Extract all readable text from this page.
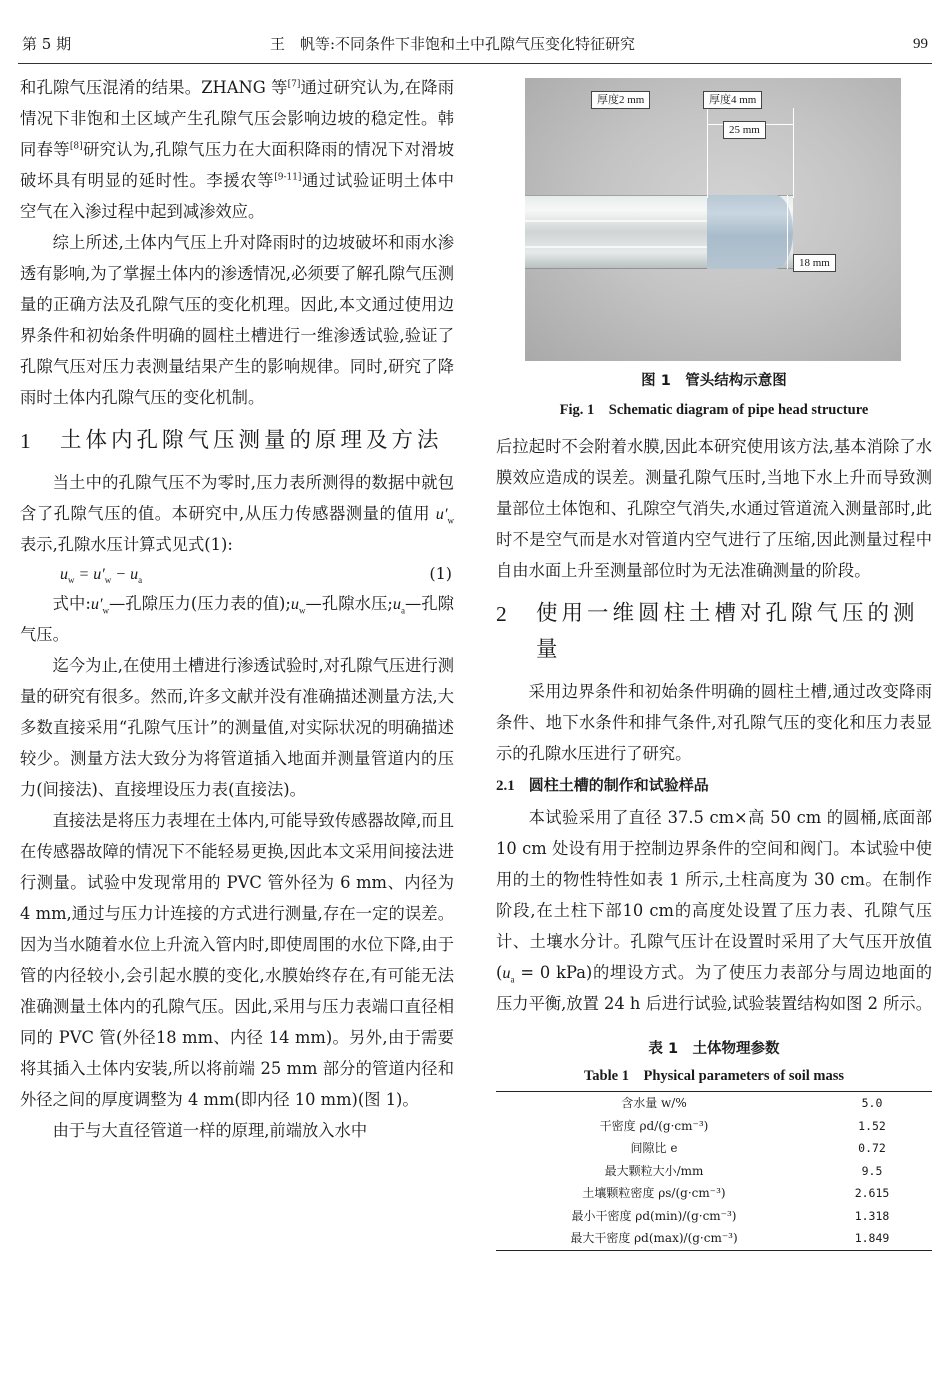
第 5 期	王　帆等:不同条件下非饱和土中孔隙气压变化特征研究	99

和孔隙气压混淆的结果。ZHANG 等[7]通过研究认为,在降雨情况下非饱和土区域产生孔隙气压会影响边坡的稳定性。韩同春等[8]研究认为,孔隙气压力在大面积降雨的情况下对滑坡破坏具有明显的延时性。李援农等[9-11]通过试验证明土体中空气在入渗过程中起到减渗效应。

综上所述,土体内气压上升对降雨时的边坡破坏和雨水渗透有影响,为了掌握土体内的渗透情况,必须要了解孔隙气压测量的正确方法及孔隙气压的变化机理。因此,本文通过使用边界条件和初始条件明确的圆柱土槽进行一维渗透试验,验证了孔隙气压对压力表测量结果产生的影响规律。同时,研究了降雨时土体内孔隙气压的变化机制。

1	土体内孔隙气压测量的原理及方法

当土中的孔隙气压不为零时,压力表所测得的数据中就包含了孔隙气压的值。本研究中,从压力传感器测量的值用 $u'_w$ 表示,孔隙水压计算式见式(1):

$u_w = u'_w - u_a$	(1)

式中$:u'_w—$孔隙压力(压力表的值)$;u_w—$孔隙水压$;u_a—$孔隙气压。

迄今为止,在使用土槽进行渗透试验时,对孔隙气压进行测量的研究有很多。然而,许多文献并没有准确描述测量方法,大多数直接采用“孔隙气压计”的测量值,对实际状况的明确描述较少。测量方法大致分为将管道插入地面并测量管道内的压力(间接法)、直接埋设压力表(直接法)。

直接法是将压力表埋在土体内,可能导致传感器故障,而且在传感器故障的情况下不能轻易更换,因此本文采用间接法进行测量。试验中发现常用的 PVC 管外径为 6 mm、内径为 4 mm,通过与压力计连接的方式进行测量,存在一定的误差。因为当水随着水位上升流入管内时,即使周围的水位下降,由于管的内径较小,会引起水膜的变化,水膜始终存在,有可能无法准确测量土体内的孔隙气压。因此,采用与压力表端口直径相同的 PVC 管(外径18 mm、内径 14 mm)。另外,由于需要将其插入土体内安装,所以将前端 25 mm 部分的管道内径和外径之间的厚度调整为 4 mm(即内径 10 mm)(图 1)。

由于与大直径管道一样的原理,前端放入水中

厚度2 mm	厚度4 mm
25 mm
18 mm
图 1　管头结构示意图
Fig. 1　Schematic diagram of pipe head structure

后拉起时不会附着水膜,因此本研究使用该方法,基本消除了水膜效应造成的误差。测量孔隙气压时,当地下水上升而导致测量部位土体饱和、孔隙空气消失,水通过管道流入测量部时,此时不是空气而是水对管道内空气进行了压缩,因此测量过程中自由水面上升至测量部位时为无法准确测量的阶段。

2	使用一维圆柱土槽对孔隙气压的测量

采用边界条件和初始条件明确的圆柱土槽,通过改变降雨条件、地下水条件和排气条件,对孔隙气压的变化和压力表显示的孔隙水压进行了研究。

2.1 圆柱土槽的制作和试验样品

本试验采用了直径 37.5 cm×高 50 cm 的圆桶,底面部 10 cm 处设有用于控制边界条件的空间和阀门。本试验中使用的土的物性特性如表 1 所示,土柱高度为 30 cm。在制作阶段,在土柱下部10 cm的高度处设置了压力表、孔隙气压计、土壤水分计。孔隙气压计在设置时采用了大气压开放值($u_a = 0$ kPa)的埋设方式。为了使压力表部分与周边地面的压力平衡,放置 24 h 后进行试验,试验装置结构如图 2 所示。

表 1　土体物理参数
Table 1　Physical parameters of soil mass
含水量 w/%	5.0
干密度 ρd/(g·cm⁻³)	1.52
间隙比 e	0.72
最大颗粒大小/mm	9.5
土壤颗粒密度 ρs/(g·cm⁻³)	2.615
最小干密度 ρd(min)/(g·cm⁻³)	1.318
最大干密度 ρd(max)/(g·cm⁻³)	1.849
